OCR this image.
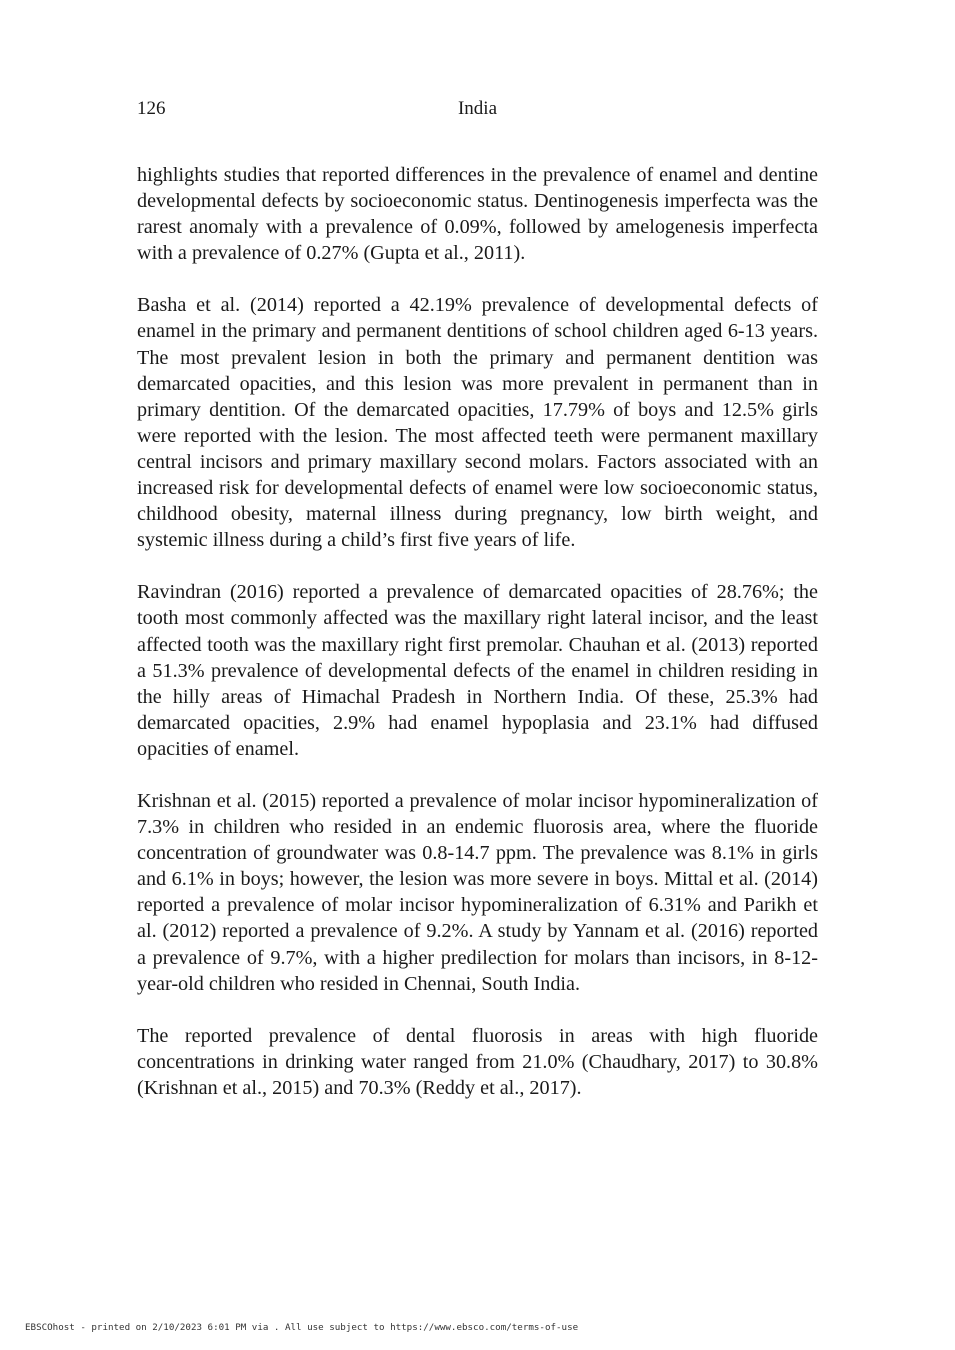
126	India

highlights studies that reported differences in the prevalence of enamel and dentine developmental defects by socioeconomic status. Dentinogenesis imperfecta was the rarest anomaly with a prevalence of 0.09%, followed by amelogenesis imperfecta with a prevalence of 0.27% (Gupta et al., 2011).

Basha et al. (2014) reported a 42.19% prevalence of developmental defects of enamel in the primary and permanent dentitions of school children aged 6-13 years. The most prevalent lesion in both the primary and permanent dentition was demarcated opacities, and this lesion was more prevalent in permanent than in primary dentition. Of the demarcated opacities, 17.79% of boys and 12.5% girls were reported with the lesion. The most affected teeth were permanent maxillary central incisors and primary maxillary second molars. Factors associated with an increased risk for developmental defects of enamel were low socioeconomic status, childhood obesity, maternal illness during pregnancy, low birth weight, and systemic illness during a child’s first five years of life.

Ravindran (2016) reported a prevalence of demarcated opacities of 28.76%; the tooth most commonly affected was the maxillary right lateral incisor, and the least affected tooth was the maxillary right first premolar. Chauhan et al. (2013) reported a 51.3% prevalence of developmental defects of the enamel in children residing in the hilly areas of Himachal Pradesh in Northern India. Of these, 25.3% had demarcated opacities, 2.9% had enamel hypoplasia and 23.1% had diffused opacities of enamel.

Krishnan et al. (2015) reported a prevalence of molar incisor hypomineralization of 7.3% in children who resided in an endemic fluorosis area, where the fluoride concentration of groundwater was 0.8-14.7 ppm. The prevalence was 8.1% in girls and 6.1% in boys; however, the lesion was more severe in boys. Mittal et al. (2014) reported a prevalence of molar incisor hypomineralization of 6.31% and Parikh et al. (2012) reported a prevalence of 9.2%. A study by Yannam et al. (2016) reported a prevalence of 9.7%, with a higher predilection for molars than incisors, in 8-12-year-old children who resided in Chennai, South India.

The reported prevalence of dental fluorosis in areas with high fluoride concentrations in drinking water ranged from 21.0% (Chaudhary, 2017) to 30.8% (Krishnan et al., 2015) and 70.3% (Reddy et al., 2017).

EBSCOhost - printed on 2/10/2023 6:01 PM via . All use subject to https://www.ebsco.com/terms-of-use
